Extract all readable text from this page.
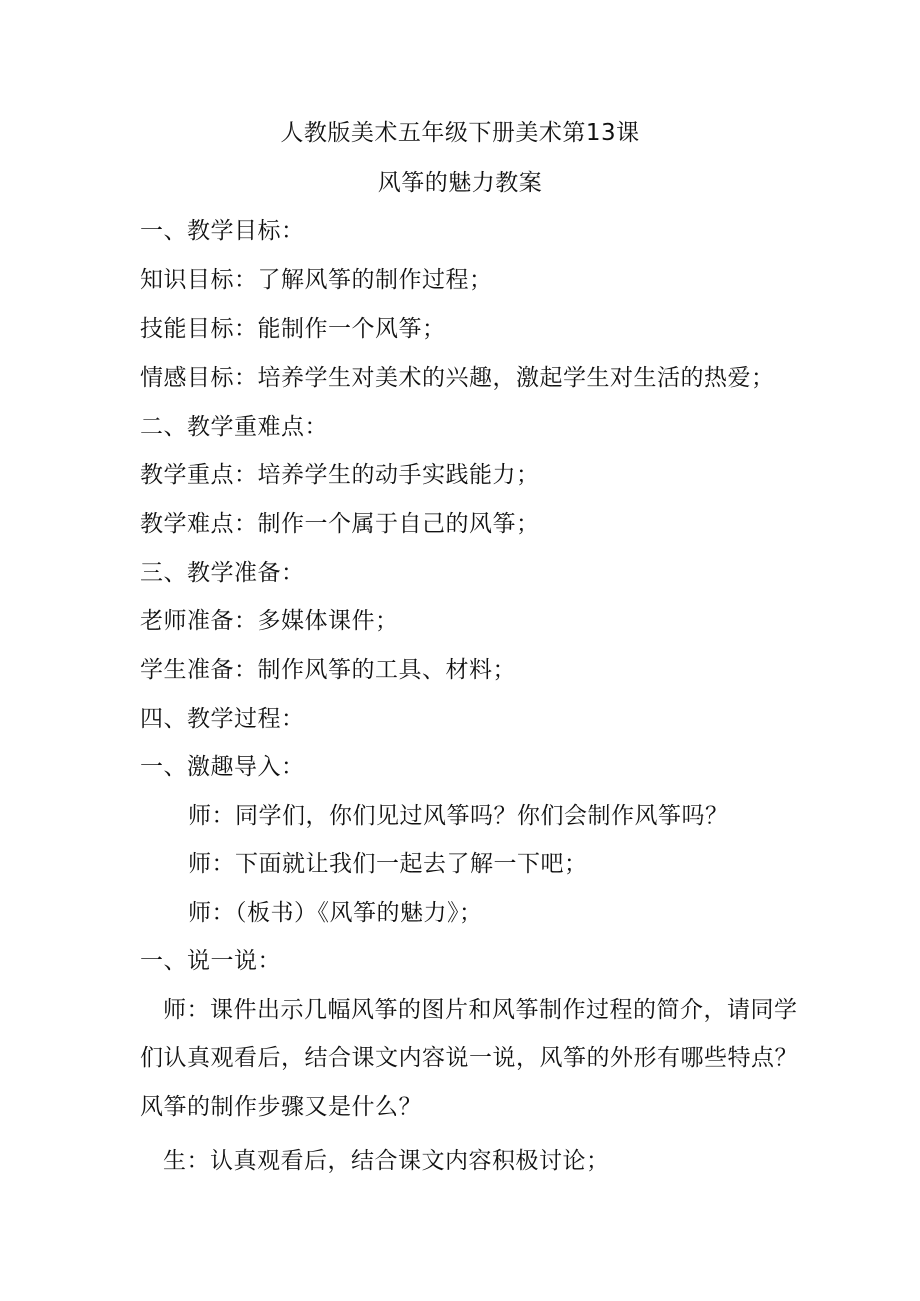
人教版美术五年级下册美术第13课
风筝的魅力教案
一、教学目标：
知识目标：了解风筝的制作过程；
技能目标：能制作一个风筝；
情感目标：培养学生对美术的兴趣，激起学生对生活的热爱；
二、教学重难点：
教学重点：培养学生的动手实践能力；
教学难点：制作一个属于自己的风筝；
三、教学准备：
老师准备：多媒体课件；
学生准备：制作风筝的工具、材料；
四、教学过程：
一、激趣导入：
师：同学们，你们见过风筝吗？你们会制作风筝吗？
师：下面就让我们一起去了解一下吧；
师：（板书）《风筝的魅力》；
一、说一说：
师：课件出示几幅风筝的图片和风筝制作过程的简介，请同学
们认真观看后，结合课文内容说一说，风筝的外形有哪些特点？
风筝的制作步骤又是什么？
生：认真观看后，结合课文内容积极讨论；
